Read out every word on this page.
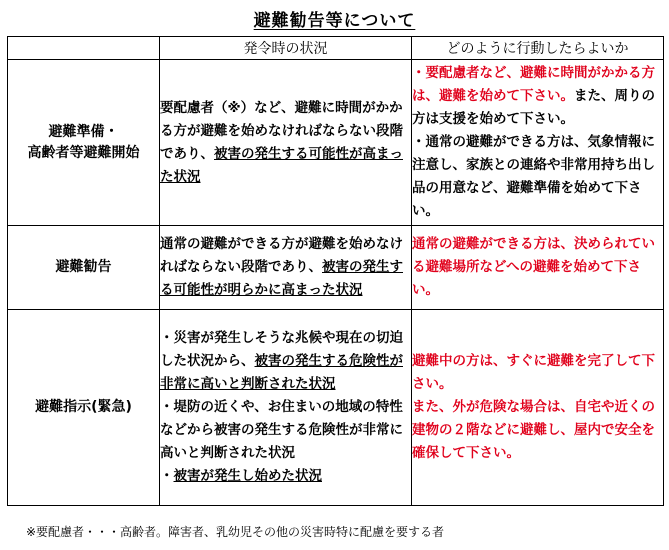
避難勧告等について
	発令時の状況	どのように行動したらよいか

避難準備・
高齢者等避難開始	要配慮者（※）など、避難に時間がかかる方が避難を始めなければならない段階であり、被害の発生する可能性が高まった状況	・要配慮者など、避難に時間がかかる方は、避難を始めて下さい。また、周りの方は支援を始めて下さい。
・通常の避難ができる方は、気象情報に注意し、家族との連絡や非常用持ち出し品の用意など、避難準備を始めて下さい。

避難勧告	通常の避難ができる方が避難を始めなければならない段階であり、被害の発生する可能性が明らかに高まった状況	通常の避難ができる方は、決められている避難場所などへの避難を始めて下さい。
避難指示(緊急)	・災害が発生しそうな兆候や現在の切迫した状況から、被害の発生する危険性が非常に高いと判断された状況
・堤防の近くや、お住まいの地域の特性などから被害の発生する危険性が非常に高いと判断された状況
・被害が発生し始めた状況	避難中の方は、すぐに避難を完了して下さい。
また、外が危険な場合は、自宅や近くの建物の２階などに避難し、屋内で安全を確保して下さい。
※要配慮者・・・高齢者。障害者、乳幼児その他の災害時特に配慮を要する者
